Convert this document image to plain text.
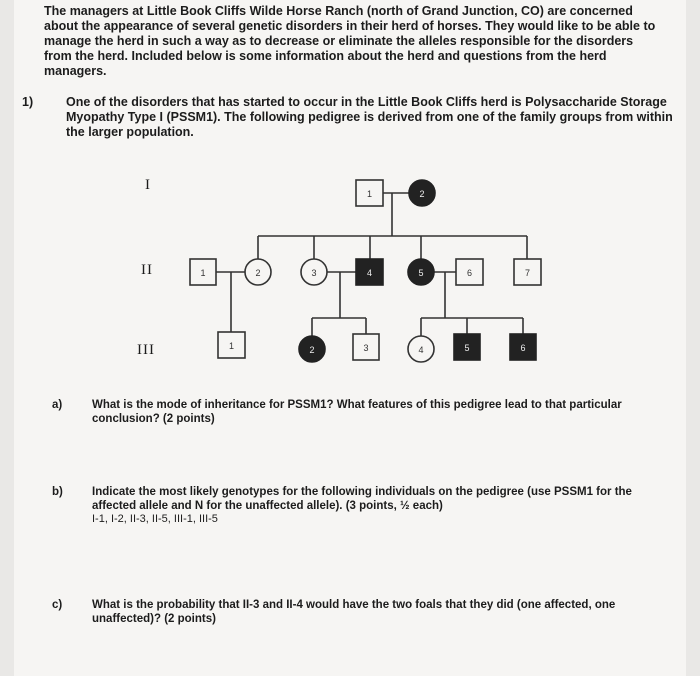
The managers at Little Book Cliffs Wilde Horse Ranch (north of Grand Junction, CO) are concerned about the appearance of several genetic disorders in their herd of horses. They would like to be able to manage the herd in such a way as to decrease or eliminate the alleles responsible for the disorders from the herd. Included below is some information about the herd and questions from the herd managers.

1)	One of the disorders that has started to occur in the Little Book Cliffs herd is Polysaccharide Storage Myopathy Type I (PSSM1). The following pedigree is derived from one of the family groups from within the larger population.
I
II
III
1	2
1	2	3	4	5	6	7
1	2	3	4	5	6
a)	What is the mode of inheritance for PSSM1? What features of this pedigree lead to that particular conclusion? (2 points)
b)	Indicate the most likely genotypes for the following individuals on the pedigree (use PSSM1 for the affected allele and N for the unaffected allele). (3 points, ½ each)
I-1, I-2, II-3, II-5, III-1, III-5
c)	What is the probability that II-3 and II-4 would have the two foals that they did (one affected, one unaffected)? (2 points)
